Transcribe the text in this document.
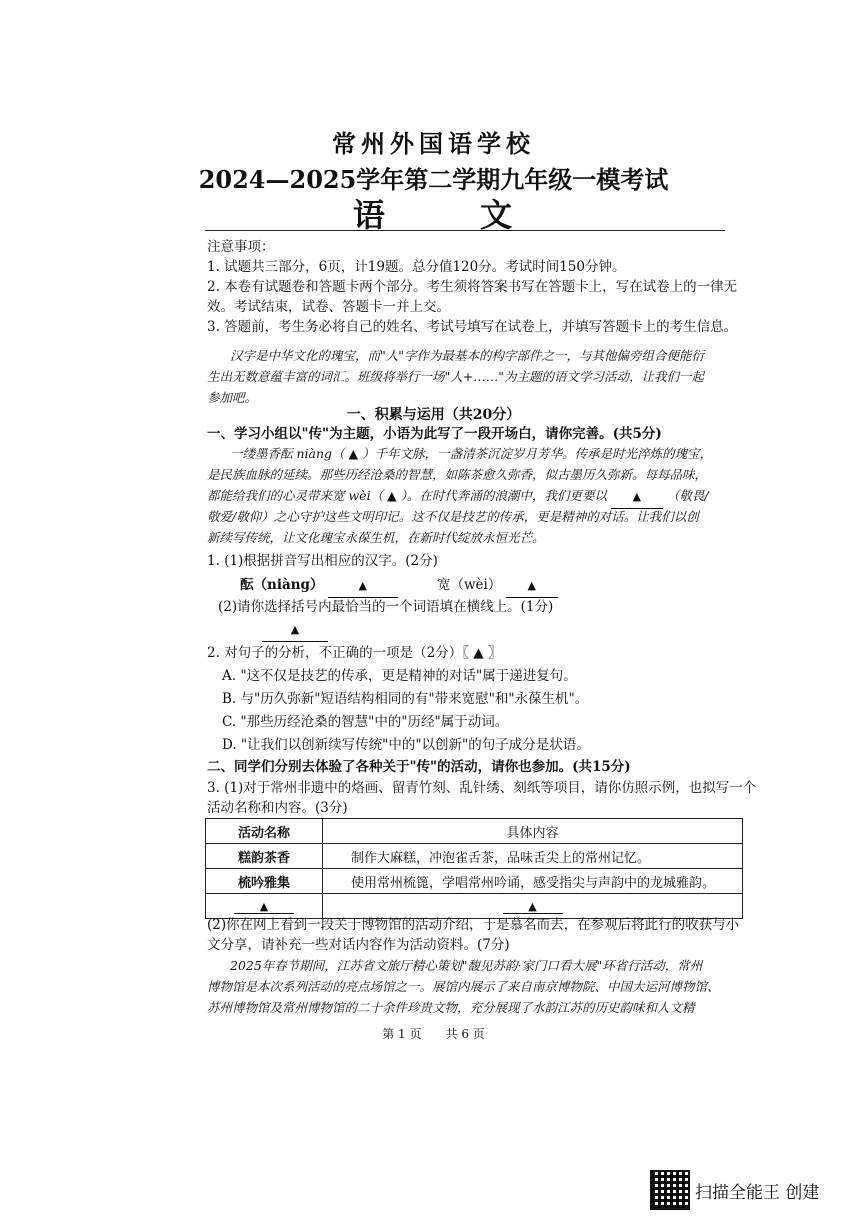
常州外国语学校
2024—2025学年第二学期九年级一模考试
语 文
注意事项：
1. 试题共三部分，6页，计19题。总分值120分。考试时间150分钟。
2. 本卷有试题卷和答题卡两个部分。考生须将答案书写在答题卡上，写在试卷上的一律无
效。考试结束，试卷、答题卡一并上交。
3. 答题前，考生务必将自己的姓名、考试号填写在试卷上，并填写答题卡上的考生信息。
汉字是中华文化的瑰宝，而"人"字作为最基本的构字部件之一，与其他偏旁组合便能衍
生出无数意蕴丰富的词汇。班级将举行一场"人+……"为主题的语文学习活动，让我们一起
参加吧。
一、积累与运用（共20分）
一、学习小组以"传"为主题，小语为此写了一段开场白，请你完善。(共5分)
一缕墨香酝 niàng（ ▲ ）千年文脉，一盏清茶沉淀岁月芳华。传承是时光淬炼的瑰宝，
是民族血脉的延续。那些历经沧桑的智慧，如陈茶愈久弥香，似古墨历久弥新。每每品味，
都能给我们的心灵带来宽 wèi（ ▲ ）。在时代奔涌的浪潮中，我们更要以 ▲ （敬畏/
敬爱/敬仰）之心守护这些文明印记。这不仅是技艺的传承，更是精神的对话。让我们以创
新续写传统，让文化瑰宝永葆生机，在新时代绽放永恒光芒。
1. (1)根据拼音写出相应的汉字。(2分)
酝（niàng）	▲	宽（wèi） ▲
(2)请你选择括号内最恰当的一个词语填在横线上。(1分)
▲
2. 对句子的分析，不正确的一项是（2分）〖 ▲ 〗
A. "这不仅是技艺的传承，更是精神的对话"属于递进复句。
B. 与"历久弥新"短语结构相同的有"带来宽慰"和"永葆生机"。
C. "那些历经沧桑的智慧"中的"历经"属于动词。
D. "让我们以创新续写传统"中的"以创新"的句子成分是状语。
二、同学们分别去体验了各种关于"传"的活动，请你也参加。(共15分)
3. (1)对于常州非遗中的烙画、留青竹刻、乱针绣、刻纸等项目，请你仿照示例，也拟写一个
活动名称和内容。(3分)
活动名称	具体内容
糕韵茶香	制作大麻糕，冲泡雀舌茶，品味舌尖上的常州记忆。
梳吟雅集	使用常州梳篦，学唱常州吟诵，感受指尖与声韵中的龙城雅韵。
▲	▲
(2)你在网上看到一段关于博物馆的活动介绍，于是慕名而去，在参观后将此行的收获与小
文分享，请补充一些对话内容作为活动资料。(7分)
2025年春节期间，江苏省文旅厅精心策划"馥见苏韵·家门口看大展"环省行活动，常州
博物馆是本次系列活动的亮点场馆之一。展馆内展示了来自南京博物院、中国大运河博物馆、
苏州博物馆及常州博物馆的二十余件珍贵文物，充分展现了水韵江苏的历史韵味和人文精
第 1 页　　共 6 页
扫描全能王 创建
